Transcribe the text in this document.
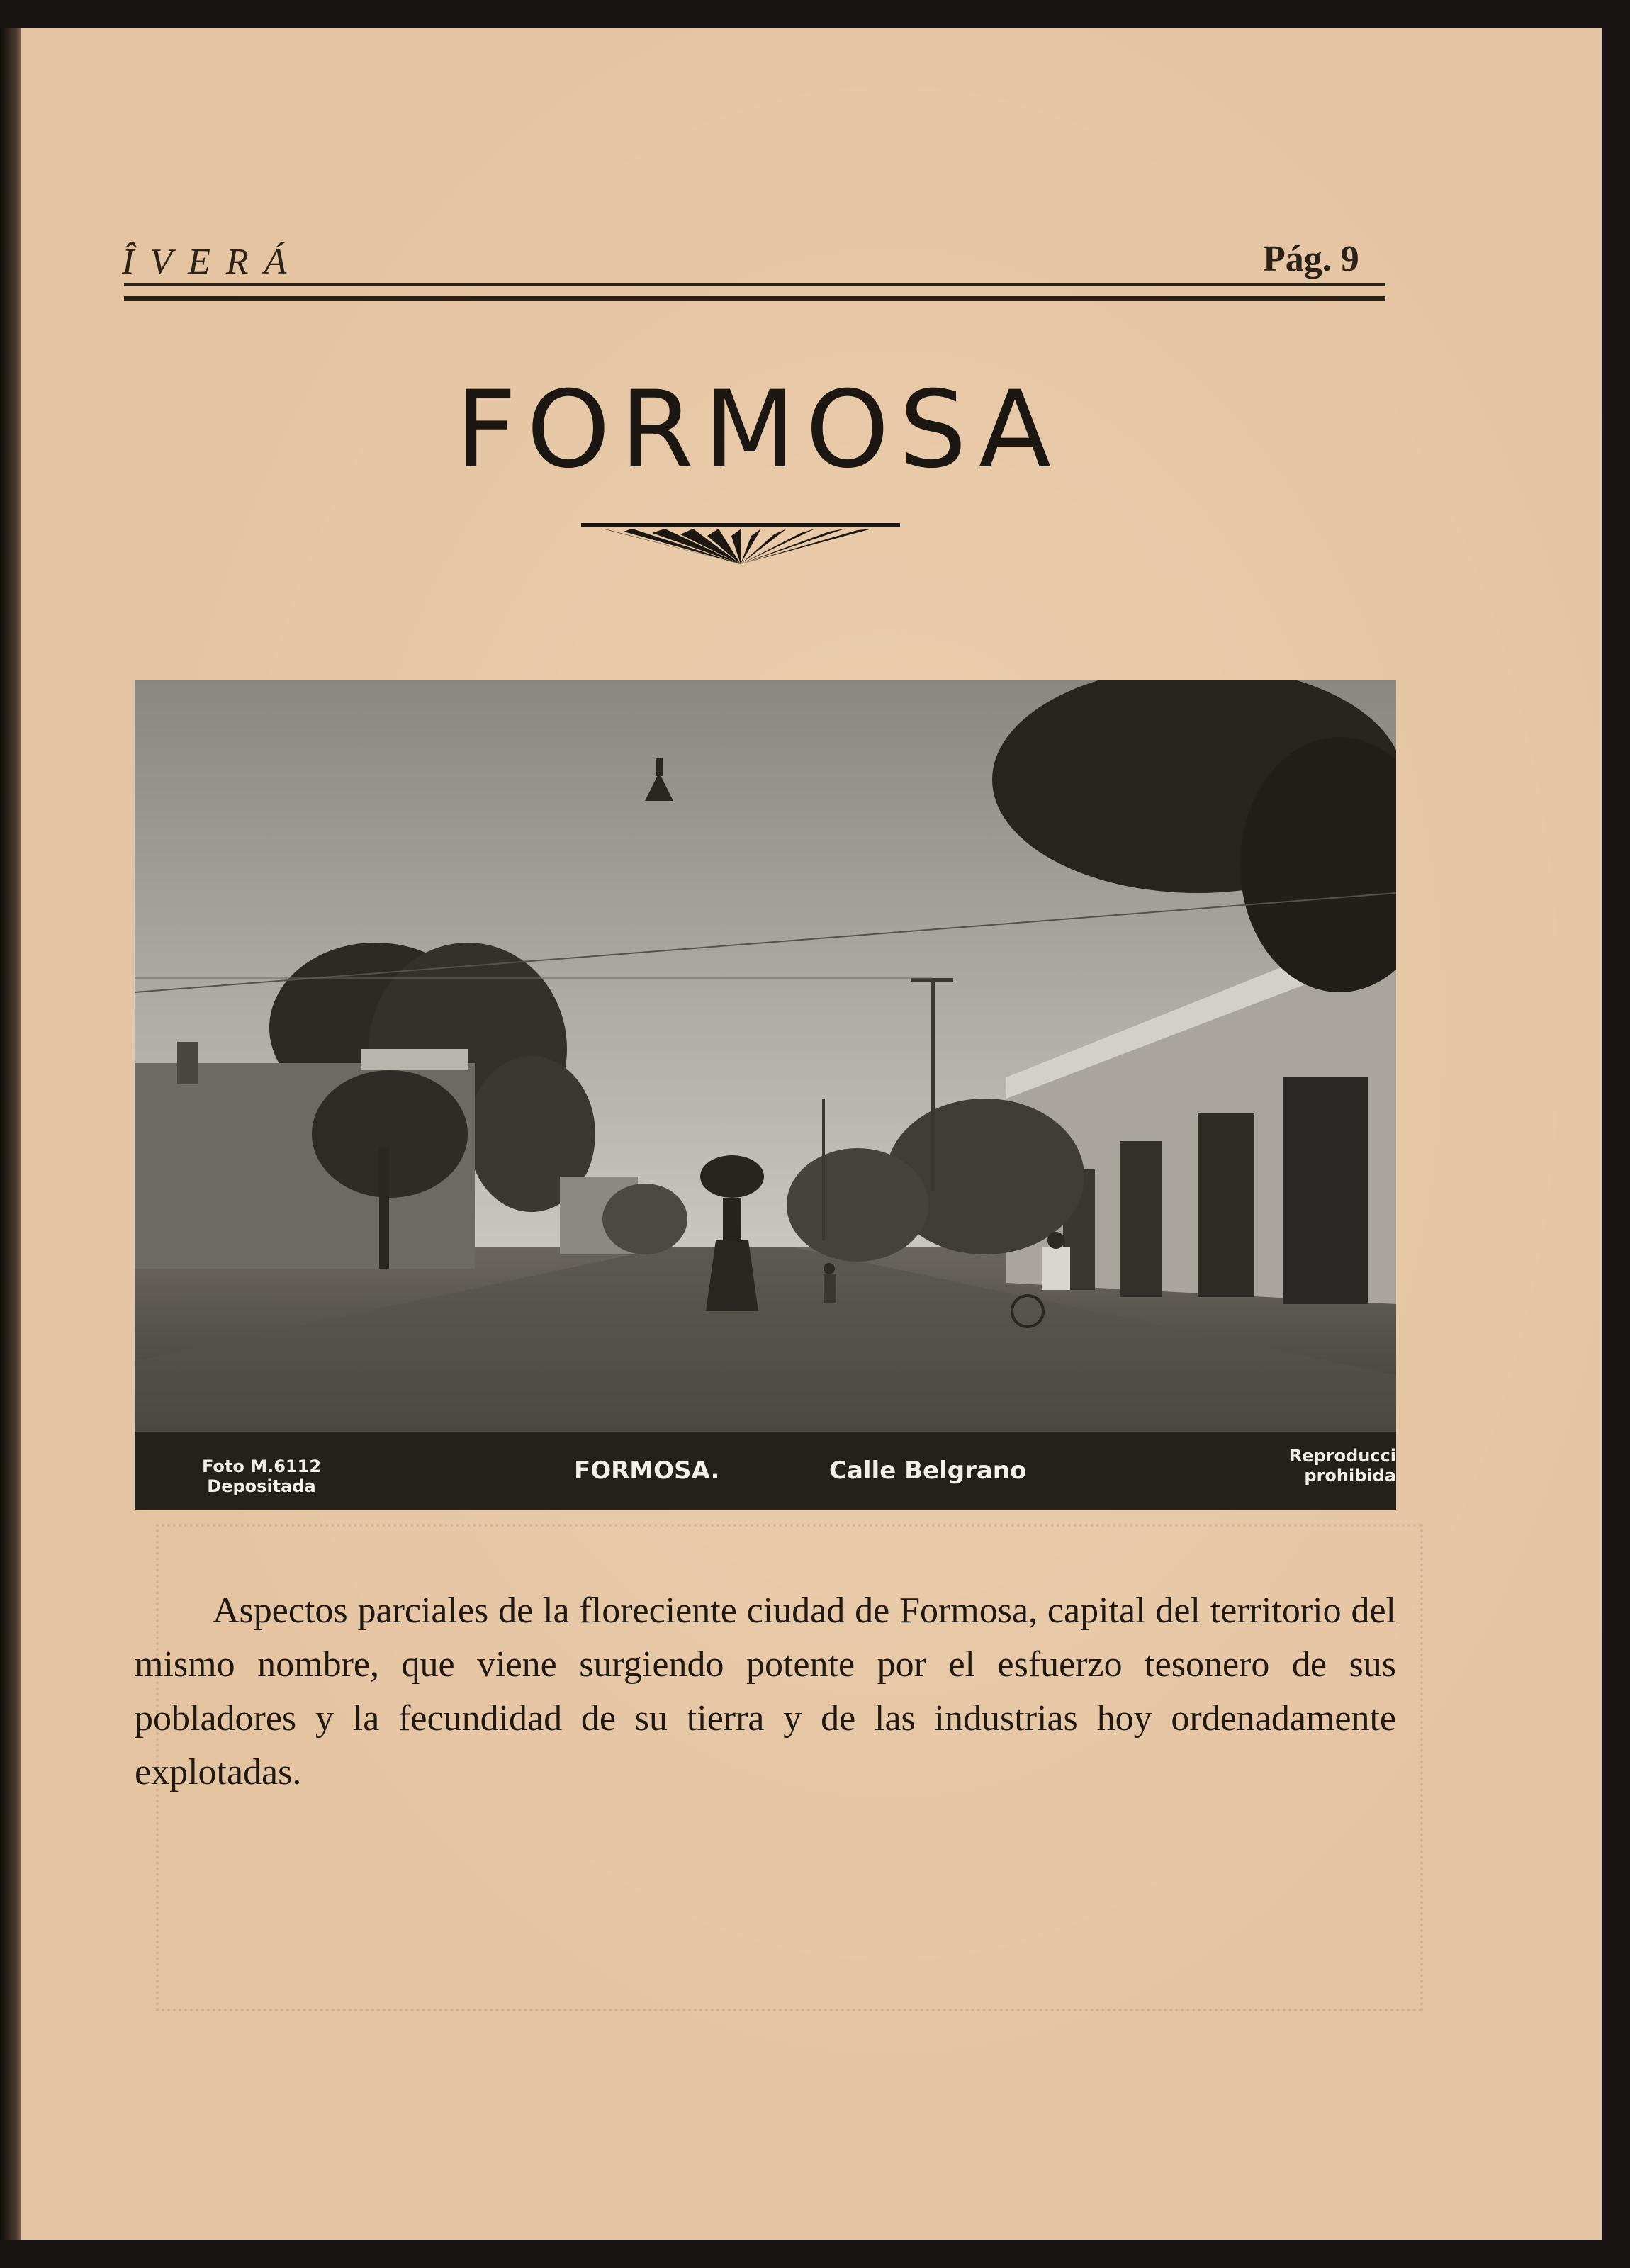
ÎVERÁ	Pág. 9
FORMOSA
Foto M.6112
Depositada
FORMOSA.	Calle Belgrano
Reproducci
prohibida
Aspectos parciales de la floreciente ciudad de Formosa, capital del territorio del mismo nombre, que viene surgiendo potente por el esfuerzo tesonero de sus pobladores y la fecundidad de su tierra y de las industrias hoy ordenadamente explotadas.
